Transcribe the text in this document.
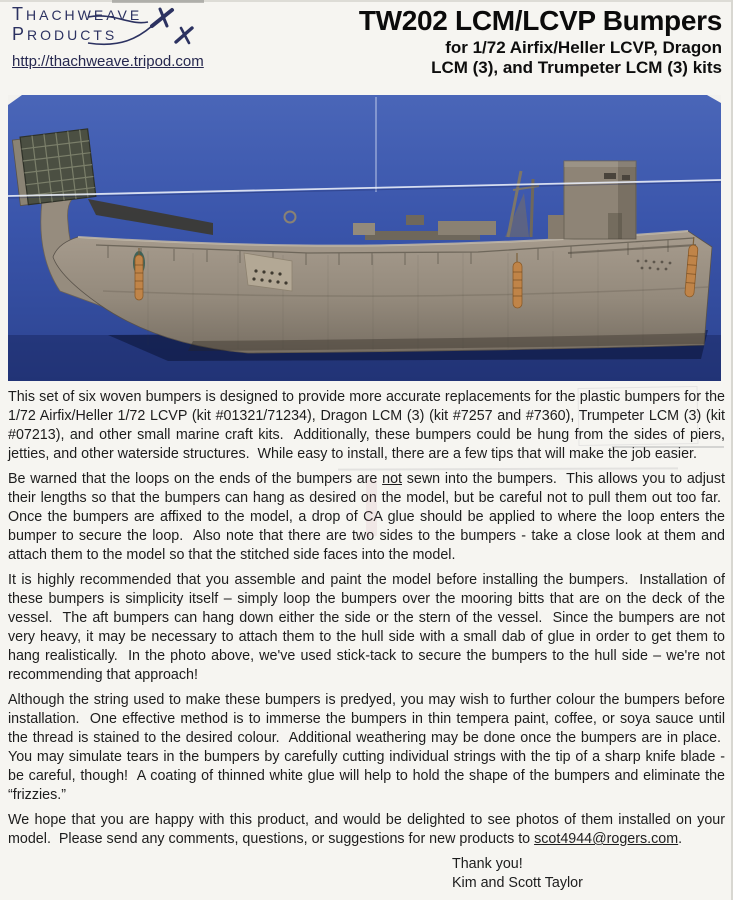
THACHWEAVE
PRODUCTS
http://thachweave.tripod.com
TW202 LCM/LCVP Bumpers
for 1/72 Airfix/Heller LCVP, Dragon
LCM (3), and Trumpeter LCM (3) kits

This set of six woven bumpers is designed to provide more accurate replacements for the plastic bumpers for the 1/72 Airfix/Heller 1/72 LCVP (kit #01321/71234), Dragon LCM (3) (kit #7257 and #7360), Trumpeter LCM (3) (kit #07213), and other small marine craft kits.  Additionally, these bumpers could be hung from the sides of piers, jetties, and other waterside structures.  While easy to install, there are a few tips that will make the job easier.

Be warned that the loops on the ends of the bumpers are not sewn into the bumpers.  This allows you to adjust their lengths so that the bumpers can hang as desired on the model, but be careful not to pull them out too far.  Once the bumpers are affixed to the model, a drop of CA glue should be applied to where the loop enters the bumper to secure the loop.  Also note that there are two sides to the bumpers - take a close look at them and attach them to the model so that the stitched side faces into the model.

It is highly recommended that you assemble and paint the model before installing the bumpers.  Installation of these bumpers is simplicity itself – simply loop the bumpers over the mooring bitts that are on the deck of the vessel.  The aft bumpers can hang down either the side or the stern of the vessel.  Since the bumpers are not very heavy, it may be necessary to attach them to the hull side with a small dab of glue in order to get them to hang realistically.  In the photo above, we've used stick-tack to secure the bumpers to the hull side – we're not recommending that approach!

Although the string used to make these bumpers is predyed, you may wish to further colour the bumpers before installation.  One effective method is to immerse the bumpers in thin tempera paint, coffee, or soya sauce until the thread is stained to the desired colour.  Additional weathering may be done once the bumpers are in place.  You may simulate tears in the bumpers by carefully cutting individual strings with the tip of a sharp knife blade - be careful, though!  A coating of thinned white glue will help to hold the shape of the bumpers and eliminate the “frizzies.”

We hope that you are happy with this product, and would be delighted to see photos of them installed on your model.  Please send any comments, questions, or suggestions for new products to scot4944@rogers.com.

Thank you!
Kim and Scott Taylor
